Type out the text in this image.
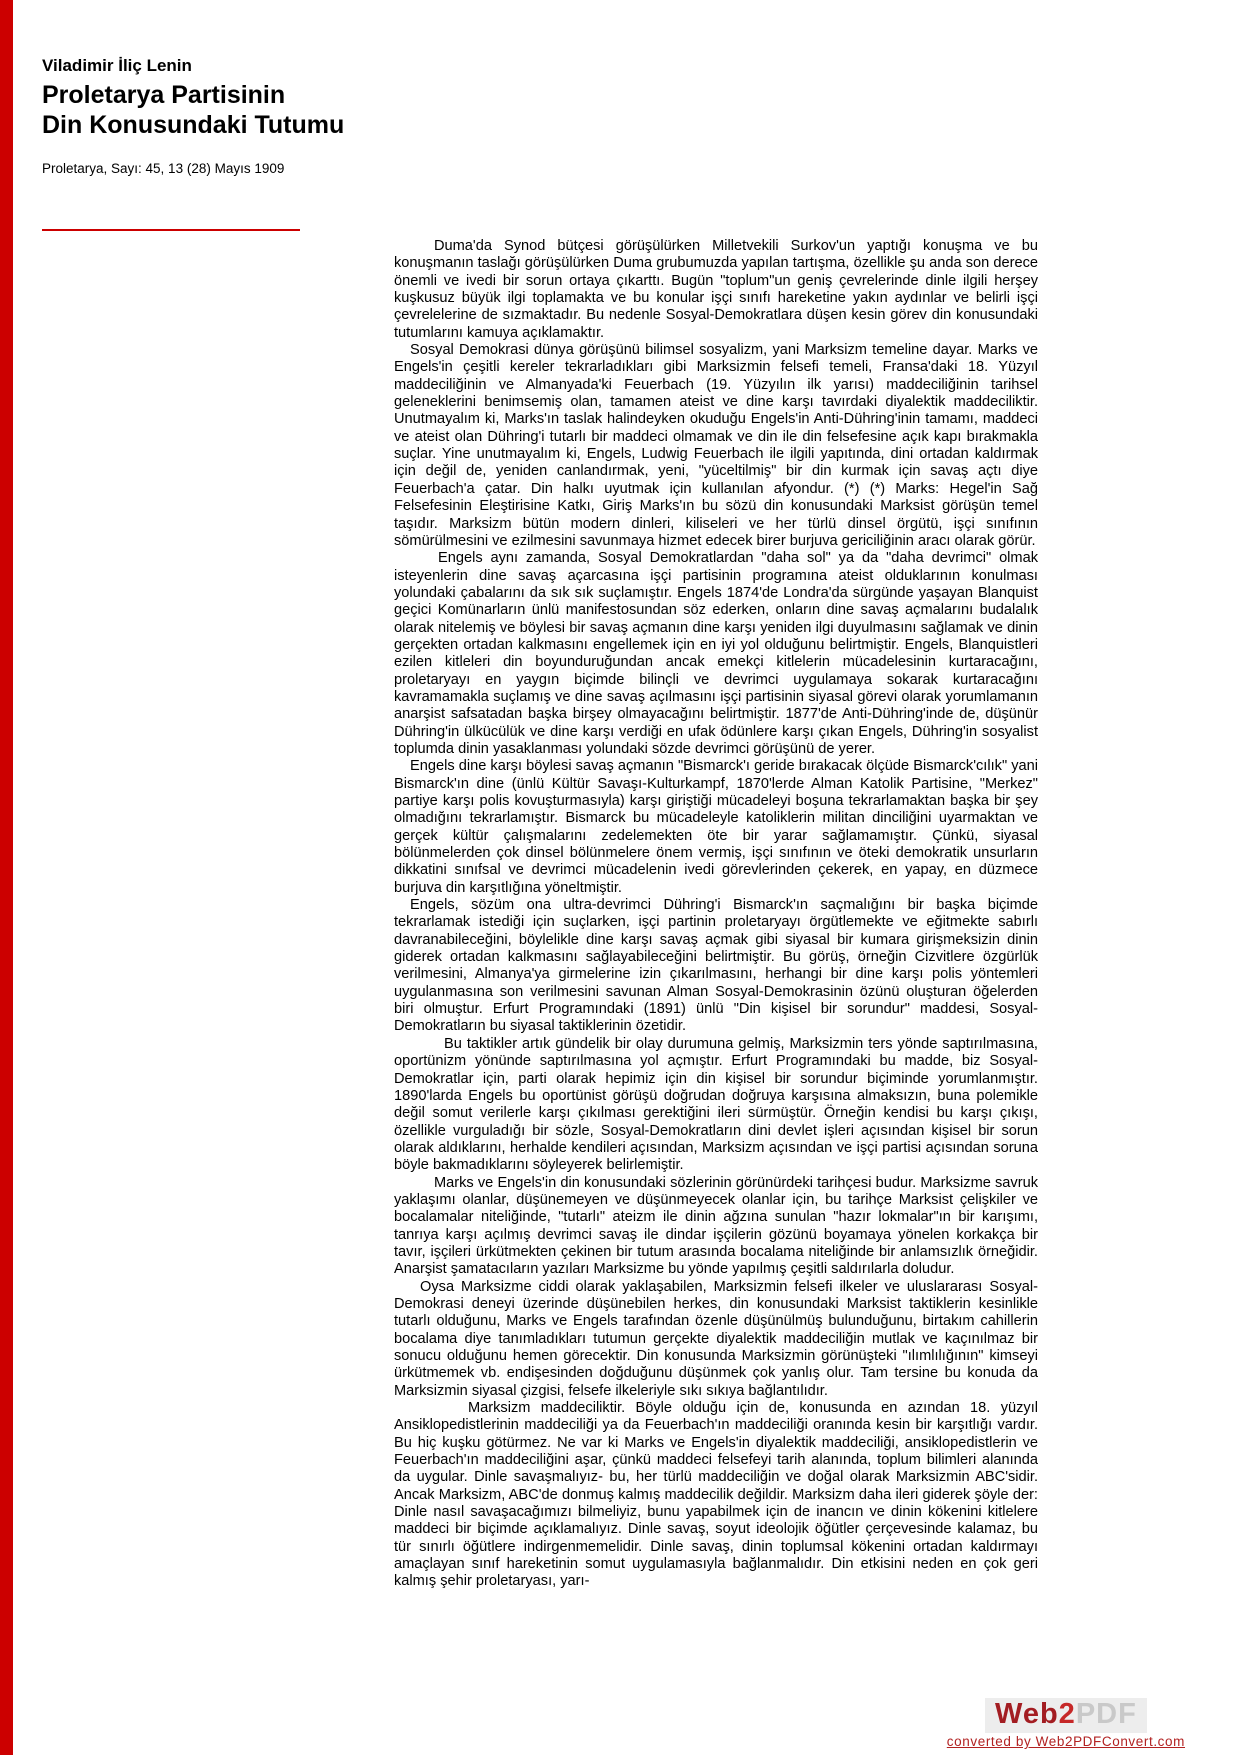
Viladimir İliç Lenin
Proletarya Partisinin
Din Konusundaki Tutumu
Proletarya, Sayı: 45, 13 (28) Mayıs 1909

Duma'da Synod bütçesi görüşülürken Milletvekili Surkov'un yaptığı konuşma ve bu konuşmanın taslağı görüşülürken Duma grubumuzda yapılan tartışma, özellikle şu anda son derece önemli ve ivedi bir sorun ortaya çıkarttı. Bugün "toplum"un geniş çevrelerinde dinle ilgili herşey kuşkusuz büyük ilgi toplamakta ve bu konular işçi sınıfı hareketine yakın aydınlar ve belirli işçi çevrelelerine de sızmaktadır. Bu nedenle Sosyal-Demokratlara düşen kesin görev din konusundaki tutumlarını kamuya açıklamaktır.

Sosyal Demokrasi dünya görüşünü bilimsel sosyalizm, yani Marksizm temeline dayar. Marks ve Engels'in çeşitli kereler tekrarladıkları gibi Marksizmin felsefi temeli, Fransa'daki 18. Yüzyıl maddeciliğinin ve Almanyada'ki Feuerbach (19. Yüzyılın ilk yarısı) maddeciliğinin tarihsel geleneklerini benimsemiş olan, tamamen ateist ve dine karşı tavırdaki diyalektik maddeciliktir. Unutmayalım ki, Marks'ın taslak halindeyken okuduğu Engels'in Anti-Dühring'inin tamamı, maddeci ve ateist olan Dühring'i tutarlı bir maddeci olmamak ve din ile din felsefesine açık kapı bırakmakla suçlar. Yine unutmayalım ki, Engels, Ludwig Feuerbach ile ilgili yapıtında, dini ortadan kaldırmak için değil de, yeniden canlandırmak, yeni, "yüceltilmiş" bir din kurmak için savaş açtı diye Feuerbach'a çatar. Din halkı uyutmak için kullanılan afyondur. (*) (*) Marks: Hegel'in Sağ Felsefesinin Eleştirisine Katkı, Giriş Marks'ın bu sözü din konusundaki Marksist görüşün temel taşıdır. Marksizm bütün modern dinleri, kiliseleri ve her türlü dinsel örgütü, işçi sınıfının sömürülmesini ve ezilmesini savunmaya hizmet edecek birer burjuva gericiliğinin aracı olarak görür.

Engels aynı zamanda, Sosyal Demokratlardan "daha sol" ya da "daha devrimci" olmak isteyenlerin dine savaş açarcasına işçi partisinin programına ateist olduklarının konulması yolundaki çabalarını da sık sık suçlamıştır. Engels 1874'de Londra'da sürgünde yaşayan Blanquist geçici Komünarların ünlü manifestosundan söz ederken, onların dine savaş açmalarını budalalık olarak nitelemiş ve böylesi bir savaş açmanın dine karşı yeniden ilgi duyulmasını sağlamak ve dinin gerçekten ortadan kalkmasını engellemek için en iyi yol olduğunu belirtmiştir. Engels, Blanquistleri ezilen kitleleri din boyunduruğundan ancak emekçi kitlelerin mücadelesinin kurtaracağını, proletaryayı en yaygın biçimde bilinçli ve devrimci uygulamaya sokarak kurtaracağını kavramamakla suçlamış ve dine savaş açılmasını işçi partisinin siyasal görevi olarak yorumlamanın anarşist safsatadan başka birşey olmayacağını belirtmiştir. 1877'de Anti-Dühring'inde de, düşünür Dühring'in ülkücülük ve dine karşı verdiği en ufak ödünlere karşı çıkan Engels, Dühring'in sosyalist toplumda dinin yasaklanması yolundaki sözde devrimci görüşünü de yerer.

Engels dine karşı böylesi savaş açmanın "Bismarck'ı geride bırakacak ölçüde Bismarck'cılık" yani Bismarck'ın dine (ünlü Kültür Savaşı-Kulturkampf, 1870'lerde Alman Katolik Partisine, "Merkez" partiye karşı polis kovuşturmasıyla) karşı giriştiği mücadeleyi boşuna tekrarlamaktan başka bir şey olmadığını tekrarlamıştır. Bismarck bu mücadeleyle katoliklerin militan dinciliğini uyarmaktan ve gerçek kültür çalışmalarını zedelemekten öte bir yarar sağlamamıştır. Çünkü, siyasal bölünmelerden çok dinsel bölünmelere önem vermiş, işçi sınıfının ve öteki demokratik unsurların dikkatini sınıfsal ve devrimci mücadelenin ivedi görevlerinden çekerek, en yapay, en düzmece burjuva din karşıtlığına yöneltmiştir.

Engels, sözüm ona ultra-devrimci Dühring'i Bismarck'ın saçmalığını bir başka biçimde tekrarlamak istediği için suçlarken, işçi partinin proletaryayı örgütlemekte ve eğitmekte sabırlı davranabileceğini, böylelikle dine karşı savaş açmak gibi siyasal bir kumara girişmeksizin dinin giderek ortadan kalkmasını sağlayabileceğini belirtmiştir. Bu görüş, örneğin Cizvitlere özgürlük verilmesini, Almanya'ya girmelerine izin çıkarılmasını, herhangi bir dine karşı polis yöntemleri uygulanmasına son verilmesini savunan Alman Sosyal-Demokrasinin özünü oluşturan öğelerden biri olmuştur. Erfurt Programındaki (1891) ünlü "Din kişisel bir sorundur" maddesi, Sosyal-Demokratların bu siyasal taktiklerinin özetidir.

Bu taktikler artık gündelik bir olay durumuna gelmiş, Marksizmin ters yönde saptırılmasına, oportünizm yönünde saptırılmasına yol açmıştır. Erfurt Programındaki bu madde, biz Sosyal-Demokratlar için, parti olarak hepimiz için din kişisel bir sorundur biçiminde yorumlanmıştır. 1890'larda Engels bu oportünist görüşü doğrudan doğruya karşısına almaksızın, buna polemikle değil somut verilerle karşı çıkılması gerektiğini ileri sürmüştür. Örneğin kendisi bu karşı çıkışı, özellikle vurguladığı bir sözle, Sosyal-Demokratların dini devlet işleri açısından kişisel bir sorun olarak aldıklarını, herhalde kendileri açısından, Marksizm açısından ve işçi partisi açısından soruna böyle bakmadıklarını söyleyerek belirlemiştir.

Marks ve Engels'in din konusundaki sözlerinin görünürdeki tarihçesi budur. Marksizme savruk yaklaşımı olanlar, düşünemeyen ve düşünmeyecek olanlar için, bu tarihçe Marksist çelişkiler ve bocalamalar niteliğinde, "tutarlı" ateizm ile dinin ağzına sunulan "hazır lokmalar"ın bir karışımı, tanrıya karşı açılmış devrimci savaş ile dindar işçilerin gözünü boyamaya yönelen korkakça bir tavır, işçileri ürkütmekten çekinen bir tutum arasında bocalama niteliğinde bir anlamsızlık örneğidir. Anarşist şamatacıların yazıları Marksizme bu yönde yapılmış çeşitli saldırılarla doludur.

Oysa Marksizme ciddi olarak yaklaşabilen, Marksizmin felsefi ilkeler ve uluslararası Sosyal-Demokrasi deneyi üzerinde düşünebilen herkes, din konusundaki Marksist taktiklerin kesinlikle tutarlı olduğunu, Marks ve Engels tarafından özenle düşünülmüş bulunduğunu, birtakım cahillerin bocalama diye tanımladıkları tutumun gerçekte diyalektik maddeciliğin mutlak ve kaçınılmaz bir sonucu olduğunu hemen görecektir. Din konusunda Marksizmin görünüşteki "ılımlılığının" kimseyi ürkütmemek vb. endişesinden doğduğunu düşünmek çok yanlış olur. Tam tersine bu konuda da Marksizmin siyasal çizgisi, felsefe ilkeleriyle sıkı sıkıya bağlantılıdır.

Marksizm maddeciliktir. Böyle olduğu için de, konusunda en azından 18. yüzyıl Ansiklopedistlerinin maddeciliği ya da Feuerbach'ın maddeciliği oranında kesin bir karşıtlığı vardır. Bu hiç kuşku götürmez. Ne var ki Marks ve Engels'in diyalektik maddeciliği, ansiklopedistlerin ve Feuerbach'ın maddeciliğini aşar, çünkü maddeci felsefeyi tarih alanında, toplum bilimleri alanında da uygular. Dinle savaşmalıyız- bu, her türlü maddeciliğin ve doğal olarak Marksizmin ABC'sidir. Ancak Marksizm, ABC'de donmuş kalmış maddecilik değildir. Marksizm daha ileri giderek şöyle der: Dinle nasıl savaşacağımızı bilmeliyiz, bunu yapabilmek için de inancın ve dinin kökenini kitlelere maddeci bir biçimde açıklamalıyız. Dinle savaş, soyut ideolojik öğütler çerçevesinde kalamaz, bu tür sınırlı öğütlere indirgenmemelidir. Dinle savaş, dinin toplumsal kökenini ortadan kaldırmayı amaçlayan sınıf hareketinin somut uygulamasıyla bağlanmalıdır. Din etkisini neden en çok geri kalmış şehir proletaryası, yarı-

Web2PDF
converted by Web2PDFConvert.com
